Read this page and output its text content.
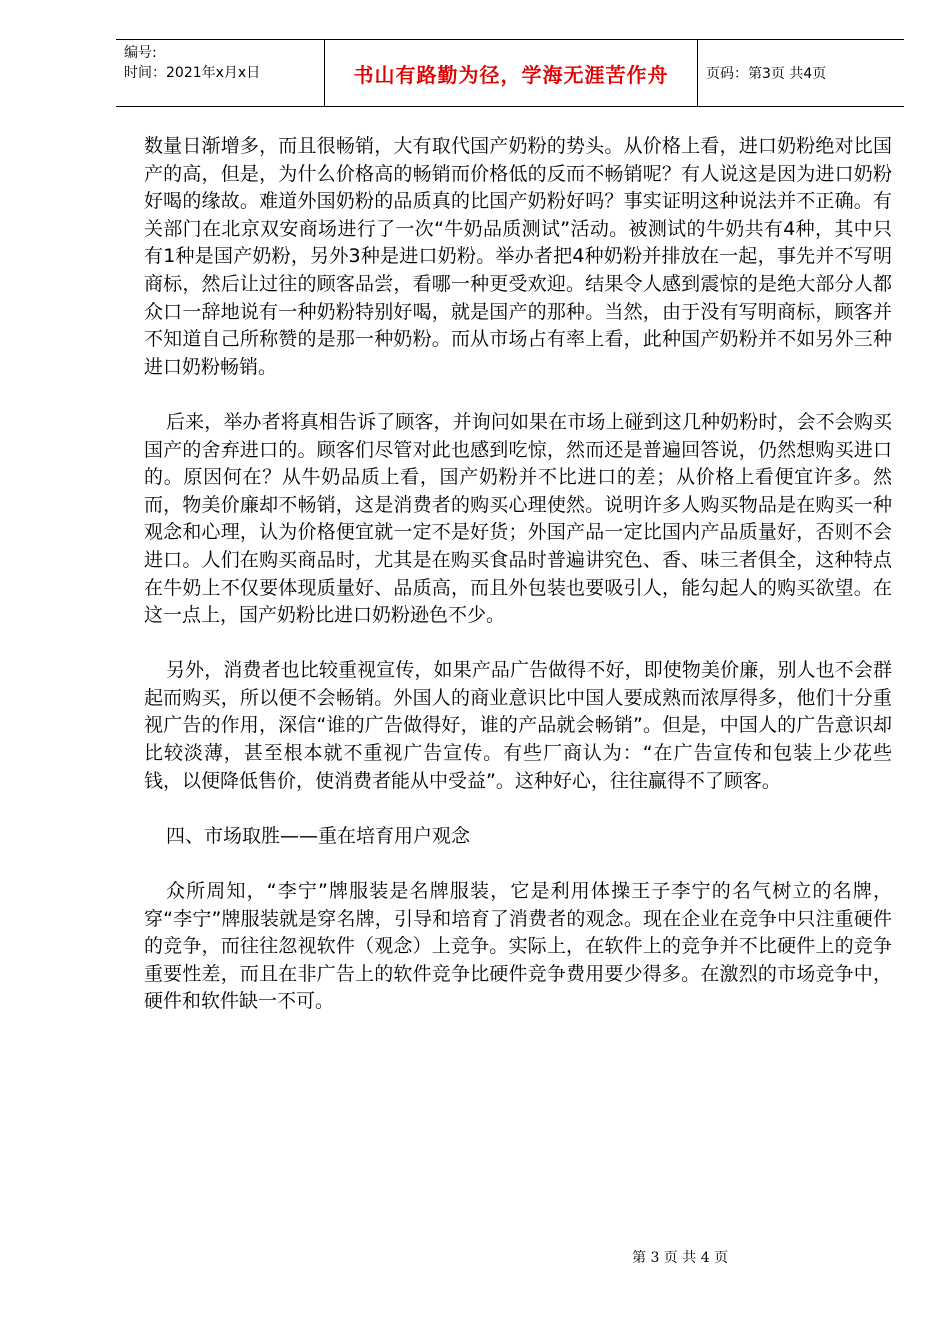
编号:
时间：2021年x月x日	书山有路勤为径，学海无涯苦作舟	页码：第3页 共4页

数量日渐增多，而且很畅销，大有取代国产奶粉的势头。从价格上看，进口奶粉绝对比国产的高，但是，为什么价格高的畅销而价格低的反而不畅销呢？有人说这是因为进口奶粉好喝的缘故。难道外国奶粉的品质真的比国产奶粉好吗？事实证明这种说法并不正确。有关部门在北京双安商场进行了一次“牛奶品质测试”活动。被测试的牛奶共有4种，其中只有1种是国产奶粉，另外3种是进口奶粉。举办者把4种奶粉并排放在一起，事先并不写明商标，然后让过往的顾客品尝，看哪一种更受欢迎。结果令人感到震惊的是绝大部分人都众口一辞地说有一种奶粉特别好喝，就是国产的那种。当然，由于没有写明商标，顾客并不知道自己所称赞的是那一种奶粉。而从市场占有率上看，此种国产奶粉并不如另外三种进口奶粉畅销。

后来，举办者将真相告诉了顾客，并询问如果在市场上碰到这几种奶粉时，会不会购买国产的舍弃进口的。顾客们尽管对此也感到吃惊，然而还是普遍回答说，仍然想购买进口的。原因何在？从牛奶品质上看，国产奶粉并不比进口的差；从价格上看便宜许多。然而，物美价廉却不畅销，这是消费者的购买心理使然。说明许多人购买物品是在购买一种观念和心理，认为价格便宜就一定不是好货；外国产品一定比国内产品质量好，否则不会进口。人们在购买商品时，尤其是在购买食品时普遍讲究色、香、味三者俱全，这种特点在牛奶上不仅要体现质量好、品质高，而且外包装也要吸引人，能勾起人的购买欲望。在这一点上，国产奶粉比进口奶粉逊色不少。

另外，消费者也比较重视宣传，如果产品广告做得不好，即使物美价廉，别人也不会群起而购买，所以便不会畅销。外国人的商业意识比中国人要成熟而浓厚得多，他们十分重视广告的作用，深信“谁的广告做得好，谁的产品就会畅销”。但是，中国人的广告意识却比较淡薄，甚至根本就不重视广告宣传。有些厂商认为：“在广告宣传和包装上少花些钱，以便降低售价，使消费者能从中受益”。这种好心，往往赢得不了顾客。

四、市场取胜——重在培育用户观念

众所周知，“李宁”牌服装是名牌服装，它是利用体操王子李宁的名气树立的名牌，穿“李宁”牌服装就是穿名牌，引导和培育了消费者的观念。现在企业在竞争中只注重硬件的竞争，而往往忽视软件（观念）上竞争。实际上，在软件上的竞争并不比硬件上的竞争重要性差，而且在非广告上的软件竞争比硬件竞争费用要少得多。在激烈的市场竞争中，硬件和软件缺一不可。

第 3 页 共 4 页
